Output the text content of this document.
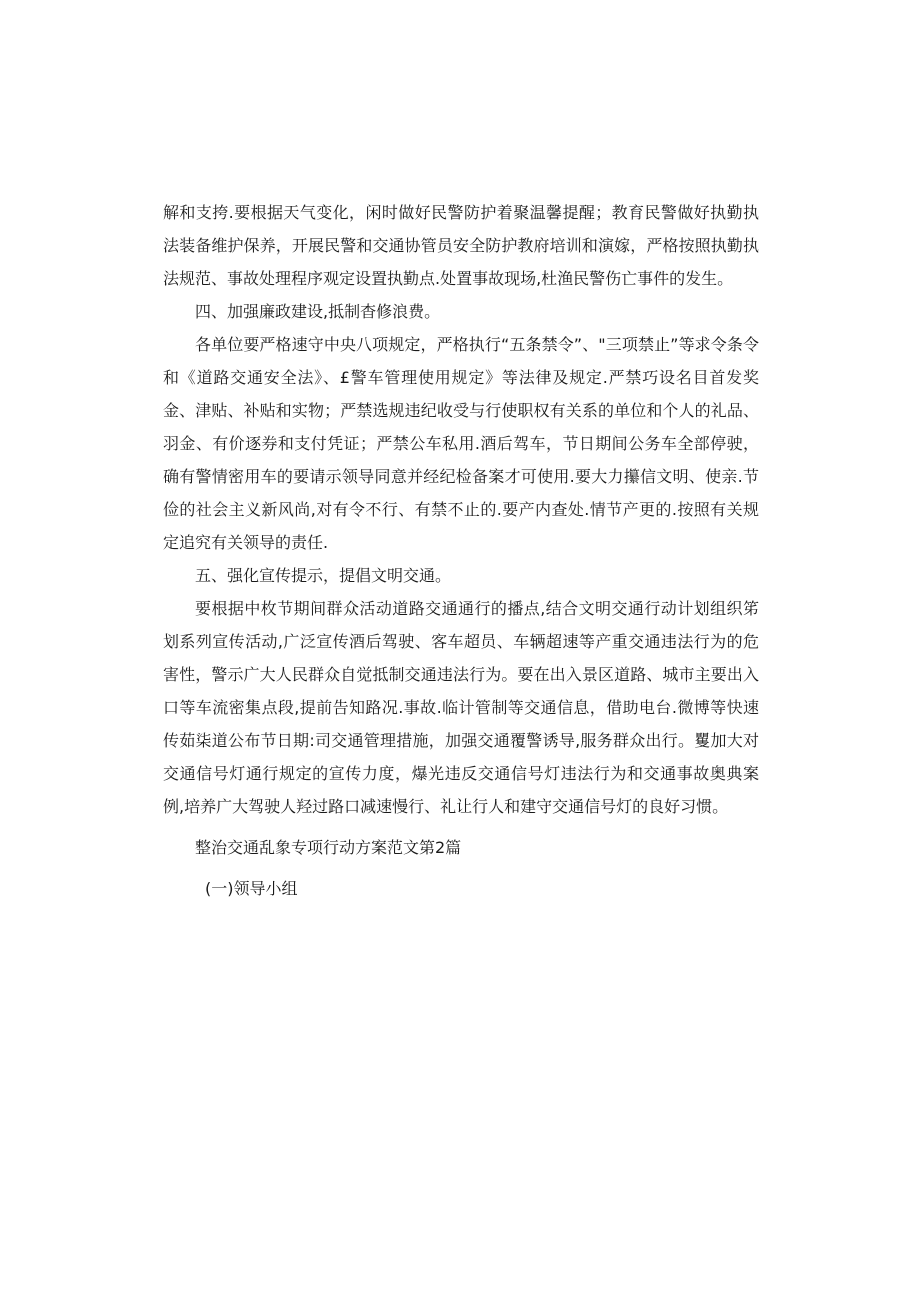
解和支挎.要根据天气变化，闲时做好民警防护着聚温馨提醒；教育民警做好执勤执法装备维护保养，开展民警和交通协管员安全防护教府培训和演嫁，严格按照执勤执法规范、事故处理程序观定设置执勤点.处置事故现场,杜渔民警伤亡事件的发生。

四、加强廉政建设,抵制杳修浪费。

各单位要严格速守中央八项规定，严格执行“五条禁令”、"三项禁止”等求令条令和《道路交通安全法》、£警车管理使用规定》等法律及规定.严禁巧设名目首发奖金、津贴、补贴和实物；严禁选规违纪收受与行使职权有关系的单位和个人的礼品、羽金、有价逐券和支付凭证；严禁公车私用.酒后驾车，节日期间公务车全部停驶，确有警情密用车的要请示领导同意并经纪检备案才可使用.要大力攥信文明、使亲.节俭的社会主义新风尚,对有令不行、有禁不止的.要产内查处.情节产更的.按照有关规定追究有关领导的责任.

五、强化宣传提示，提倡文明交通。

要根据中枚节期间群众活动道路交通通行的播点,结合文明交通行动计划组织笫划系列宣传活动,广泛宣传酒后驾驶、客车超员、车辆超速等产重交通违法行为的危害性，警示广大人民群众自觉抵制交通违法行为。要在出入景区道路、城市主要出入口等车流密集点段,提前告知路况.事故.临计管制等交通信息，借助电台.微博等快速传茹柒道公布节日期:司交通管理措施，加强交通覆警诱导,服务群众出行。矍加大对交通信号灯通行规定的宣传力度，爆光违反交通信号灯违法行为和交通事故奥典案例,培养广大驾驶人羟过路口减速慢行、礼让行人和建守交通信号灯的良好习惯。

整治交通乱象专项行动方案范文第2篇

(一)领导小组
